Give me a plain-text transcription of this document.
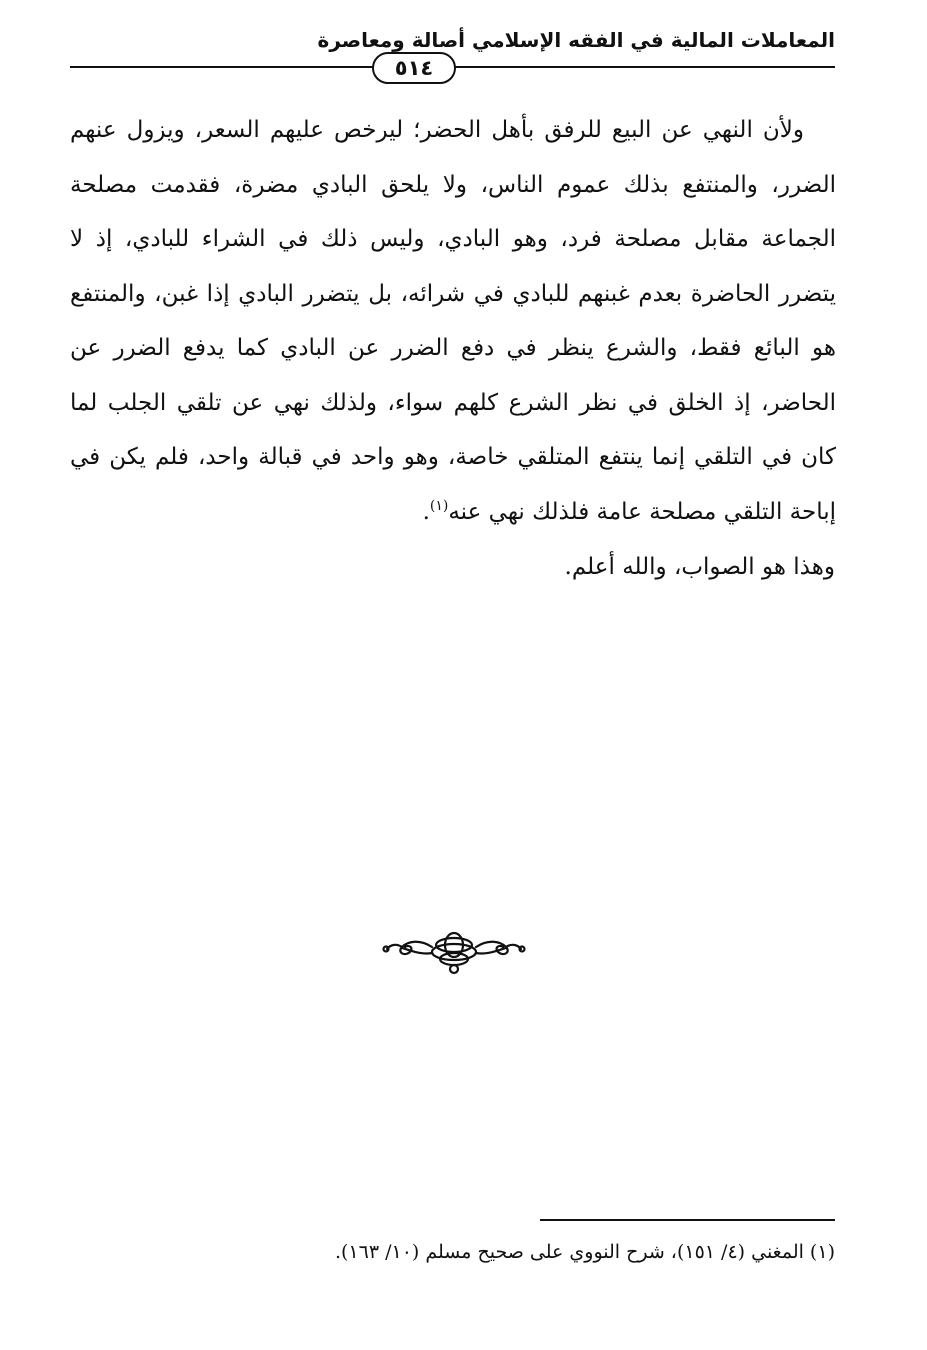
المعاملات المالية في الفقه الإسلامي أصالة ومعاصرة
٥١٤

ولأن النهي عن البيع للرفق بأهل الحضر؛ ليرخص عليهم السعر، ويزول عنهم الضرر، والمنتفع بذلك عموم الناس، ولا يلحق البادي مضرة، فقدمت مصلحة الجماعة مقابل مصلحة فرد، وهو البادي، وليس ذلك في الشراء للبادي، إذ لا يتضرر الحاضرة بعدم غبنهم للبادي في شرائه، بل يتضرر البادي إذا غبن، والمنتفع هو البائع فقط، والشرع ينظر في دفع الضرر عن البادي كما يدفع الضرر عن الحاضر، إذ الخلق في نظر الشرع كلهم سواء، ولذلك نهي عن تلقي الجلب لما كان في التلقي إنما ينتفع المتلقي خاصة، وهو واحد في قبالة واحد، فلم يكن في إباحة التلقي مصلحة عامة فلذلك نهي عنه$^{(١)}$.

وهذا هو الصواب، والله أعلم.
(١) المغني (٤/ ١٥١)، شرح النووي على صحيح مسلم (١٠/ ١٦٣).
